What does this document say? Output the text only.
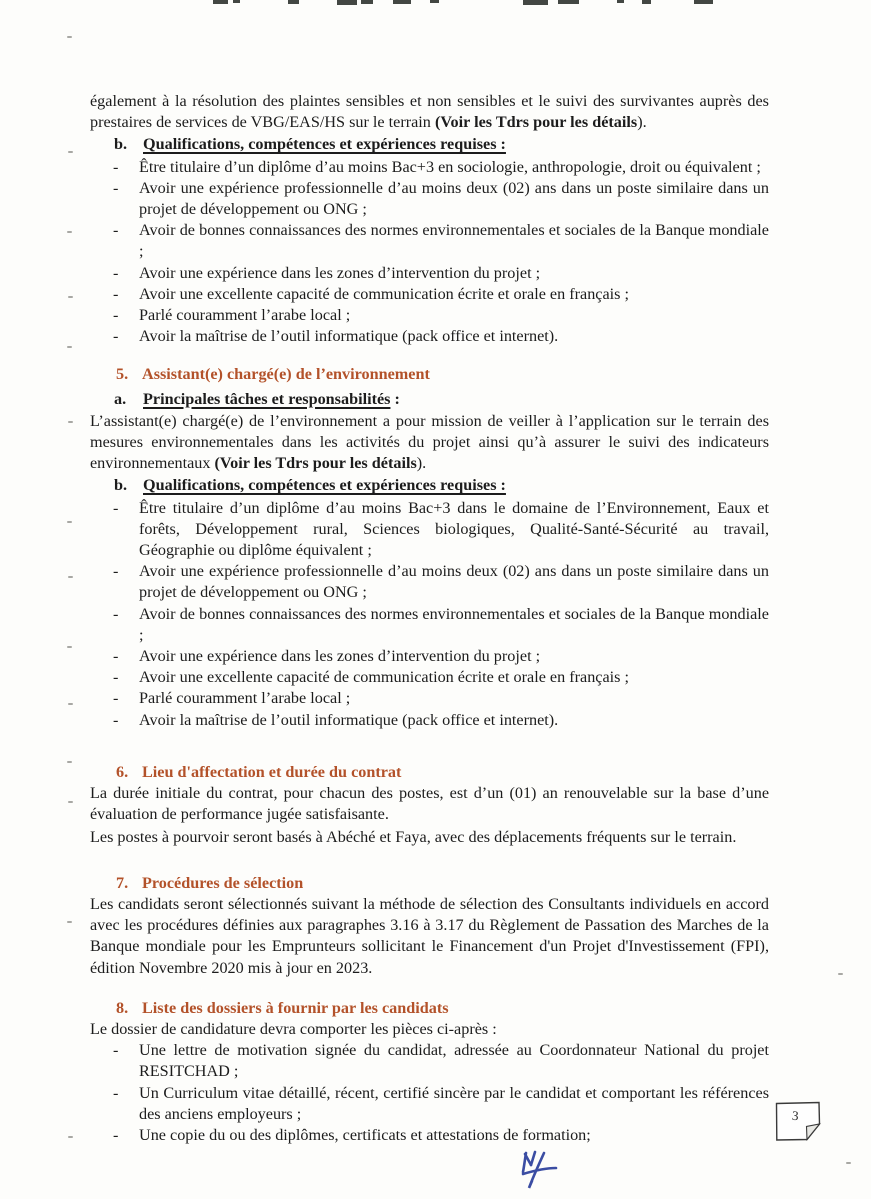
également à la résolution des plaintes sensibles et non sensibles et le suivi des survivantes auprès des prestaires de services de VBG/EAS/HS sur le terrain (Voir les Tdrs pour les détails).

b. Qualifications, compétences et expériences requises :
-	Être titulaire d’un diplôme d’au moins Bac+3 en sociologie, anthropologie, droit ou équivalent ;
-	Avoir une expérience professionnelle d’au moins deux (02) ans dans un poste similaire dans un projet de développement ou ONG ;
-	Avoir de bonnes connaissances des normes environnementales et sociales de la Banque mondiale ;
-	Avoir une expérience dans les zones d’intervention du projet ;
-	Avoir une excellente capacité de communication écrite et orale en français ;
-	Parlé couramment l’arabe local ;
-	Avoir la maîtrise de l’outil informatique (pack office et internet).
5. Assistant(e) chargé(e) de l’environnement
a.	Principales tâches et responsabilités :

L’assistant(e) chargé(e) de l’environnement a pour mission de veiller à l’application sur le terrain des mesures environnementales dans les activités du projet ainsi qu’à assurer le suivi des indicateurs environnementaux (Voir les Tdrs pour les détails).

b. Qualifications, compétences et expériences requises :
-	Être titulaire d’un diplôme d’au moins Bac+3 dans le domaine de l’Environnement, Eaux et forêts, Développement rural, Sciences biologiques, Qualité-Santé-Sécurité au travail, Géographie ou diplôme équivalent ;
-	Avoir une expérience professionnelle d’au moins deux (02) ans dans un poste similaire dans un projet de développement ou ONG ;
-	Avoir de bonnes connaissances des normes environnementales et sociales de la Banque mondiale ;
-	Avoir une expérience dans les zones d’intervention du projet ;
-	Avoir une excellente capacité de communication écrite et orale en français ;
-	Parlé couramment l’arabe local ;
-	Avoir la maîtrise de l’outil informatique (pack office et internet).
6. Lieu d'affectation et durée du contrat

La durée initiale du contrat, pour chacun des postes, est d’un (01) an renouvelable sur la base d’une évaluation de performance jugée satisfaisante.

Les postes à pourvoir seront basés à Abéché et Faya, avec des déplacements fréquents sur le terrain.

7. Procédures de sélection

Les candidats seront sélectionnés suivant la méthode de sélection des Consultants individuels en accord avec les procédures définies aux paragraphes 3.16 à 3.17 du Règlement de Passation des Marches de la Banque mondiale pour les Emprunteurs sollicitant le Financement d'un Projet d'Investissement (FPI), édition Novembre 2020 mis à jour en 2023.

8. Liste des dossiers à fournir par les candidats

Le dossier de candidature devra comporter les pièces ci-après :

-	Une lettre de motivation signée du candidat, adressée au Coordonnateur National du projet RESITCHAD ;
-	Un Curriculum vitae détaillé, récent, certifié sincère par le candidat et comportant les références des anciens employeurs ;
-	Une copie du ou des diplômes, certificats et attestations de formation;
3
